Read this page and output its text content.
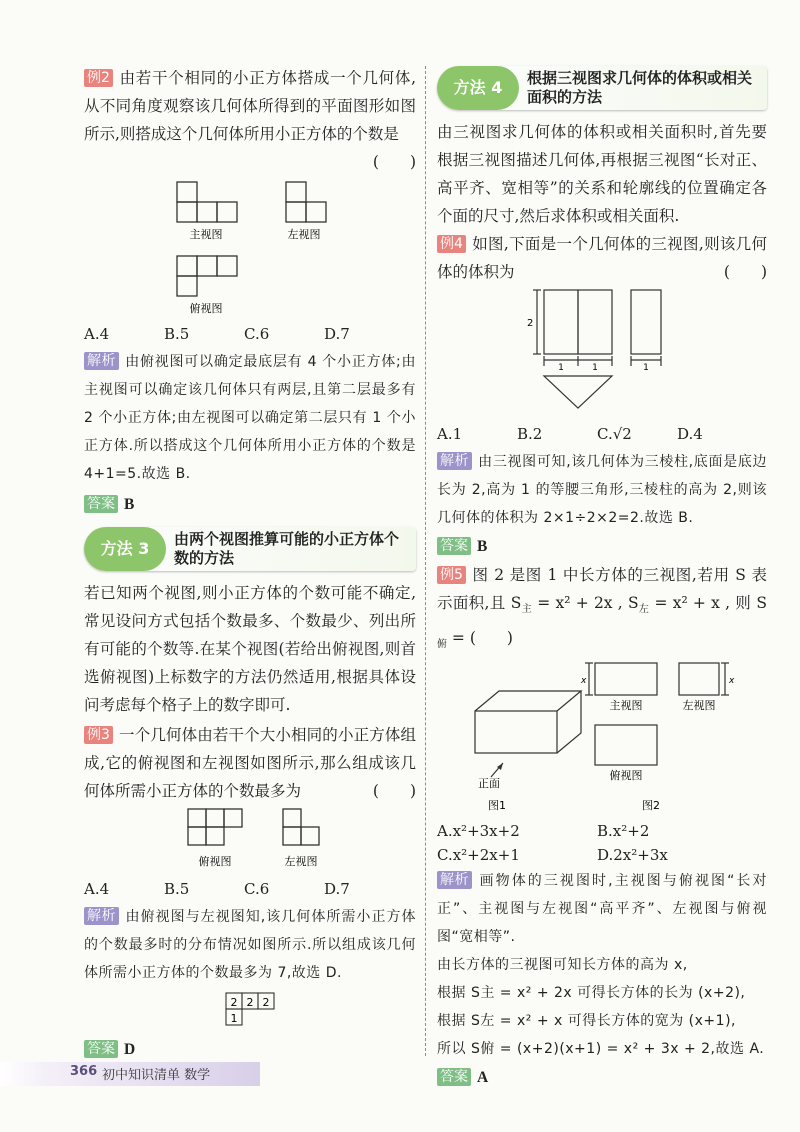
例2 由若干个相同的小正方体搭成一个几何体,从不同角度观察该几何体所得到的平面图形如图所示,则搭成这个几何体所用小正方体的个数是
(　　)

主视图	左视图
俯视图
A.4	B.5	C.6	D.7

解析 由俯视图可以确定最底层有 4 个小正方体;由主视图可以确定该几何体只有两层,且第二层最多有 2 个小正方体;由左视图可以确定第二层只有 1 个小正方体.所以搭成这个几何体所用小正方体的个数是 4+1=5.故选 B.

答案 B
方法 3	由两个视图推算可能的小正方体个数的方法

若已知两个视图,则小正方体的个数可能不确定,常见设问方式包括个数最多、个数最少、列出所有可能的个数等.在某个视图(若给出俯视图,则首选俯视图)上标数字的方法仍然适用,根据具体设问考虑每个格子上的数字即可.

例3 一个几何体由若干个大小相同的小正方体组成,它的俯视图和左视图如图所示,那么组成该几何体所需小正方体的个数最多为	(　　)

俯视图	左视图
A.4	B.5	C.6	D.7

解析 由俯视图与左视图知,该几何体所需小正方体的个数最多时的分布情况如图所示.所以组成该几何体所需小正方体的个数最多为 7,故选 D.

2 2 2
1
答案 D
方法 4	根据三视图求几何体的体积或相关面积的方法

由三视图求几何体的体积或相关面积时,首先要根据三视图描述几何体,再根据三视图“长对正、高平齐、宽相等”的关系和轮廓线的位置确定各个面的尺寸,然后求体积或相关面积.

例4 如图,下面是一个几何体的三视图,则该几何体的体积为	(　　)

2
1	1	1
A.1	B.2	C.√2	D.4

解析 由三视图可知,该几何体为三棱柱,底面是底边长为 2,高为 1 的等腰三角形,三棱柱的高为 2,则该几何体的体积为 2×1÷2×2=2.故选 B.

答案 B

例5 图 2 是图 1 中长方体的三视图,若用 S 表示面积,且 $S_主 = x^2 + 2x$ , $S_左 = x^2 + x$ , 则 $S_俯$ = (　　)

x	x
主视图	左视图
俯视图
正面
图1	图2
A.x²+3x+2	B.x²+2
C.x²+2x+1	D.2x²+3x

解析 画物体的三视图时,主视图与俯视图“长对正”、主视图与左视图“高平齐”、左视图与俯视图“宽相等”.

由长方体的三视图可知长方体的高为 x,

根据 S主 = x² + 2x 可得长方体的长为 (x+2),

根据 S左 = x² + x 可得长方体的宽为 (x+1),

所以 S俯 = (x+2)(x+1) = x² + 3x + 2,故选 A.

答案 A
366 初中知识清单 数学
